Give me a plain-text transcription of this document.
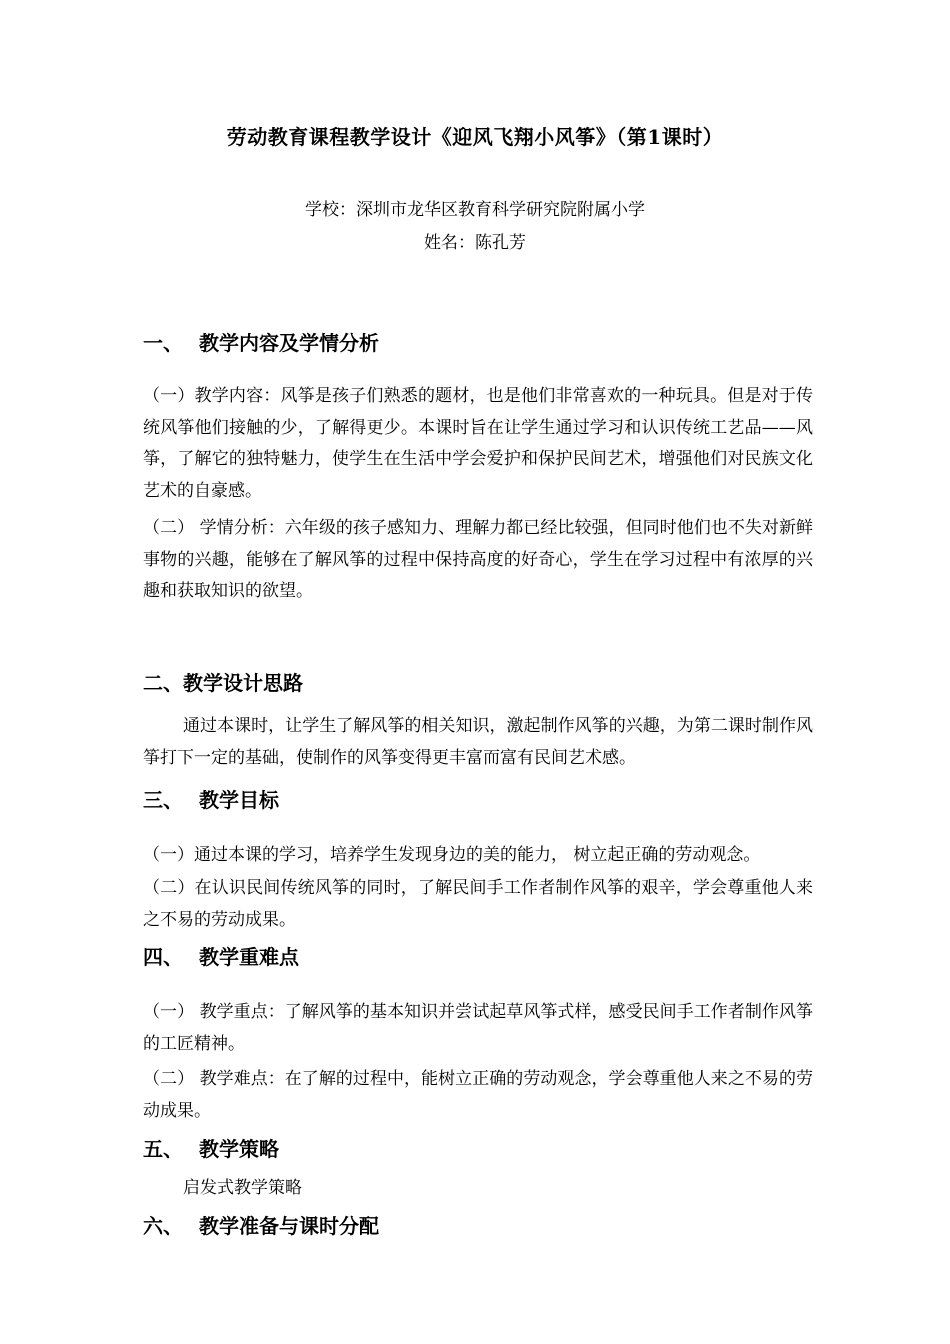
劳动教育课程教学设计《迎风飞翔小风筝》（第1课时）
学校：深圳市龙华区教育科学研究院附属小学
姓名：陈孔芳
一、 教学内容及学情分析
（一）教学内容：风筝是孩子们熟悉的题材，也是他们非常喜欢的一种玩具。但是对于传统风筝他们接触的少，了解得更少。本课时旨在让学生通过学习和认识传统工艺品——风筝，了解它的独特魅力，使学生在生活中学会爱护和保护民间艺术，增强他们对民族文化艺术的自豪感。
（二） 学情分析：六年级的孩子感知力、理解力都已经比较强，但同时他们也不失对新鲜事物的兴趣，能够在了解风筝的过程中保持高度的好奇心，学生在学习过程中有浓厚的兴趣和获取知识的欲望。
二、教学设计思路
通过本课时，让学生了解风筝的相关知识，激起制作风筝的兴趣，为第二课时制作风筝打下一定的基础，使制作的风筝变得更丰富而富有民间艺术感。
三、 教学目标
（一）通过本课的学习，培养学生发现身边的美的能力， 树立起正确的劳动观念。
（二）在认识民间传统风筝的同时，了解民间手工作者制作风筝的艰辛，学会尊重他人来之不易的劳动成果。
四、 教学重难点
（一） 教学重点：了解风筝的基本知识并尝试起草风筝式样，感受民间手工作者制作风筝的工匠精神。
（二） 教学难点：在了解的过程中，能树立正确的劳动观念，学会尊重他人来之不易的劳动成果。
五、 教学策略
启发式教学策略
六、 教学准备与课时分配
